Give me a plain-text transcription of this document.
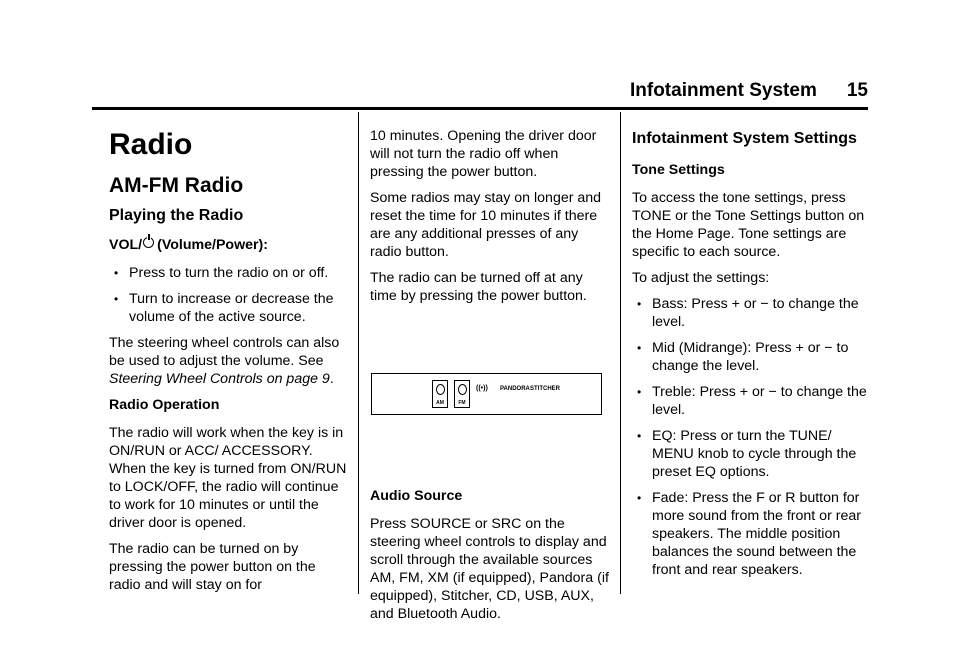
Infotainment System 15

Radio

AM-FM Radio

Playing the Radio

VOL/ (Volume/Power):

• Press to turn the radio on or off.
• Turn to increase or decrease the volume of the active source.

The steering wheel controls can also be used to adjust the volume. See Steering Wheel Controls on page 9.

Radio Operation

The radio will work when the key is in ON/RUN or ACC/ ACCESSORY. When the key is turned from ON/RUN to LOCK/OFF, the radio will continue to work for 10 minutes or until the driver door is opened.

The radio can be turned on by pressing the power button on the radio and will stay on for

10 minutes. Opening the driver door will not turn the radio off when pressing the power button.

Some radios may stay on longer and reset the time for 10 minutes if there are any additional presses of any radio button.

The radio can be turned off at any time by pressing the power button.

AM	FM
((•)) PANDORA STITCHER

Audio Source

Press SOURCE or SRC on the steering wheel controls to display and scroll through the available sources AM, FM, XM (if equipped), Pandora (if equipped), Stitcher, CD, USB, AUX, and Bluetooth Audio.

Infotainment System Settings

Tone Settings

To access the tone settings, press TONE or the Tone Settings button on the Home Page. Tone settings are specific to each source.

To adjust the settings:

• Bass: Press + or − to change the level.
• Mid (Midrange): Press + or − to change the level.
• Treble: Press + or − to change the level.
• EQ: Press or turn the TUNE/ MENU knob to cycle through the preset EQ options.
• Fade: Press the F or R button for more sound from the front or rear speakers. The middle position balances the sound between the front and rear speakers.
